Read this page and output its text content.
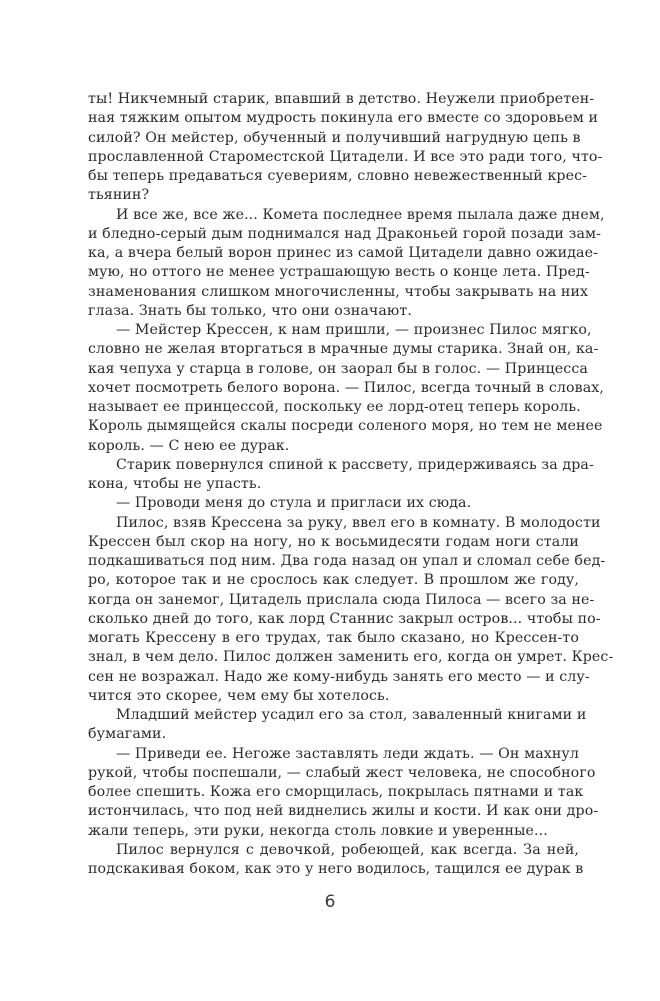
ты! Никчемный старик, впавший в детство. Неужели приобретен-
ная тяжким опытом мудрость покинула его вместе со здоровьем и
силой? Он мейстер, обученный и получивший нагрудную цепь в
прославленной Староместской Цитадели. И все это ради того, что-
бы теперь предаваться суевериям, словно невежественный крес-
тьянин?
И все же, все же... Комета последнее время пылала даже днем,
и бледно-серый дым поднимался над Драконьей горой позади зам-
ка, а вчера белый ворон принес из самой Цитадели давно ожидае-
мую, но оттого не менее устрашающую весть о конце лета. Пред-
знаменования слишком многочисленны, чтобы закрывать на них
глаза. Знать бы только, что они означают.
— Мейстер Крессен, к нам пришли, — произнес Пилос мягко,
словно не желая вторгаться в мрачные думы старика. Знай он, ка-
кая чепуха у старца в голове, он заорал бы в голос. — Принцесса
хочет посмотреть белого ворона. — Пилос, всегда точный в словах,
называет ее принцессой, поскольку ее лорд-отец теперь король.
Король дымящейся скалы посреди соленого моря, но тем не менее
король. — С нею ее дурак.
Старик повернулся спиной к рассвету, придерживаясь за дра-
кона, чтобы не упасть.
— Проводи меня до стула и пригласи их сюда.
Пилос, взяв Крессена за руку, ввел его в комнату. В молодости
Крессен был скор на ногу, но к восьмидесяти годам ноги стали
подкашиваться под ним. Два года назад он упал и сломал себе бед-
ро, которое так и не срослось как следует. В прошлом же году,
когда он занемог, Цитадель прислала сюда Пилоса — всего за не-
сколько дней до того, как лорд Станнис закрыл остров... чтобы по-
могать Крессену в его трудах, так было сказано, но Крессен-то
знал, в чем дело. Пилос должен заменить его, когда он умрет. Крес-
сен не возражал. Надо же кому-нибудь занять его место — и слу-
чится это скорее, чем ему бы хотелось.
Младший мейстер усадил его за стол, заваленный книгами и
бумагами.
— Приведи ее. Негоже заставлять леди ждать. — Он махнул
рукой, чтобы поспешали, — слабый жест человека, не способного
более спешить. Кожа его сморщилась, покрылась пятнами и так
истончилась, что под ней виднелись жилы и кости. И как они дро-
жали теперь, эти руки, некогда столь ловкие и уверенные...
Пилос вернулся с девочкой, робеющей, как всегда. За ней,
подскакивая боком, как это у него водилось, тащился ее дурак в
6
